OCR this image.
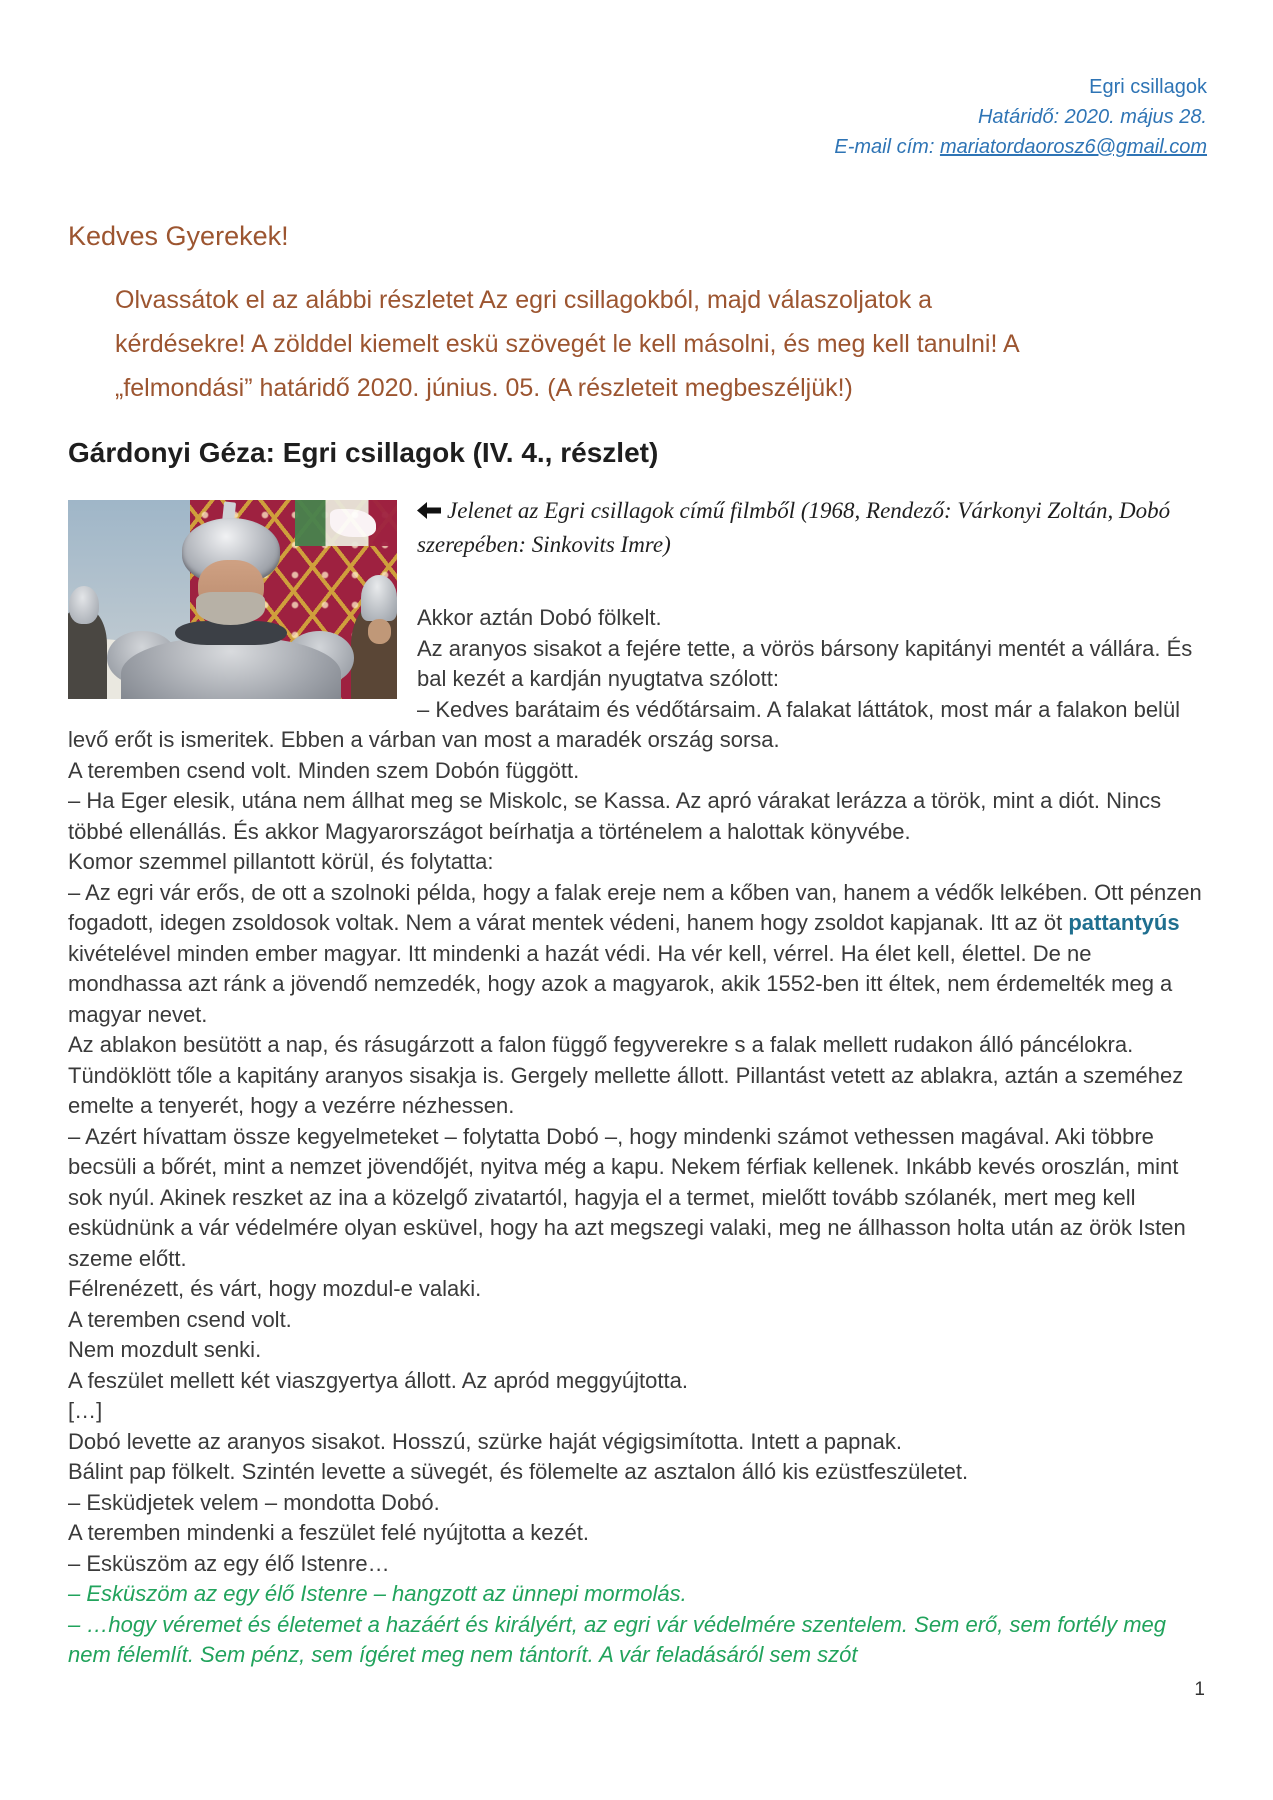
Egri csillagok
Határidő: 2020. május 28.
E-mail cím: mariatordaorosz6@gmail.com
Kedves Gyerekek!

Olvassátok el az alábbi részletet Az egri csillagokból, majd válaszoljatok a kérdésekre! A zölddel kiemelt eskü szövegét le kell másolni, és meg kell tanulni! A „felmondási” határidő 2020. június. 05. (A részleteit megbeszéljük!)

Gárdonyi Géza: Egri csillagok (IV. 4., részlet)

Jelenet az Egri csillagok című filmből (1968, Rendező: Várkonyi Zoltán, Dobó szerepében: Sinkovits Imre)

Akkor aztán Dobó fölkelt.

Az aranyos sisakot a fejére tette, a vörös bársony kapitányi mentét a vállára. És bal kezét a kardján nyugtatva szólott:

– Kedves barátaim és védőtársaim. A falakat láttátok, most már a falakon belül levő erőt is ismeritek. Ebben a várban van most a maradék ország sorsa.

A teremben csend volt. Minden szem Dobón függött.

– Ha Eger elesik, utána nem állhat meg se Miskolc, se Kassa. Az apró várakat lerázza a török, mint a diót. Nincs többé ellenállás. És akkor Magyarországot beírhatja a történelem a halottak könyvébe.

Komor szemmel pillantott körül, és folytatta:

– Az egri vár erős, de ott a szolnoki példa, hogy a falak ereje nem a kőben van, hanem a védők lelkében. Ott pénzen fogadott, idegen zsoldosok voltak. Nem a várat mentek védeni, hanem hogy zsoldot kapjanak. Itt az öt pattantyús kivételével minden ember magyar. Itt mindenki a hazát védi. Ha vér kell, vérrel. Ha élet kell, élettel. De ne mondhassa azt ránk a jövendő nemzedék, hogy azok a magyarok, akik 1552-ben itt éltek, nem érdemelték meg a magyar nevet.

Az ablakon besütött a nap, és rásugárzott a falon függő fegyverekre s a falak mellett rudakon álló páncélokra. Tündöklött tőle a kapitány aranyos sisakja is. Gergely mellette állott. Pillantást vetett az ablakra, aztán a szeméhez emelte a tenyerét, hogy a vezérre nézhessen.

– Azért hívattam össze kegyelmeteket – folytatta Dobó –, hogy mindenki számot vethessen magával. Aki többre becsüli a bőrét, mint a nemzet jövendőjét, nyitva még a kapu. Nekem férfiak kellenek. Inkább kevés oroszlán, mint sok nyúl. Akinek reszket az ina a közelgő zivatartól, hagyja el a termet, mielőtt tovább szólanék, mert meg kell esküdnünk a vár védelmére olyan esküvel, hogy ha azt megszegi valaki, meg ne állhasson holta után az örök Isten szeme előtt.

Félrenézett, és várt, hogy mozdul-e valaki.

A teremben csend volt.

Nem mozdult senki.

A feszület mellett két viaszgyertya állott. Az apród meggyújtotta.

[…]

Dobó levette az aranyos sisakot. Hosszú, szürke haját végigsimította. Intett a papnak.

Bálint pap fölkelt. Szintén levette a süvegét, és fölemelte az asztalon álló kis ezüstfeszületet.

– Esküdjetek velem – mondotta Dobó.

A teremben mindenki a feszület felé nyújtotta a kezét.

– Esküszöm az egy élő Istenre…

– Esküszöm az egy élő Istenre – hangzott az ünnepi mormolás.

– …hogy véremet és életemet a hazáért és királyért, az egri vár védelmére szentelem. Sem erő, sem fortély meg nem félemlít. Sem pénz, sem ígéret meg nem tántorít. A vár feladásáról sem szót

1
